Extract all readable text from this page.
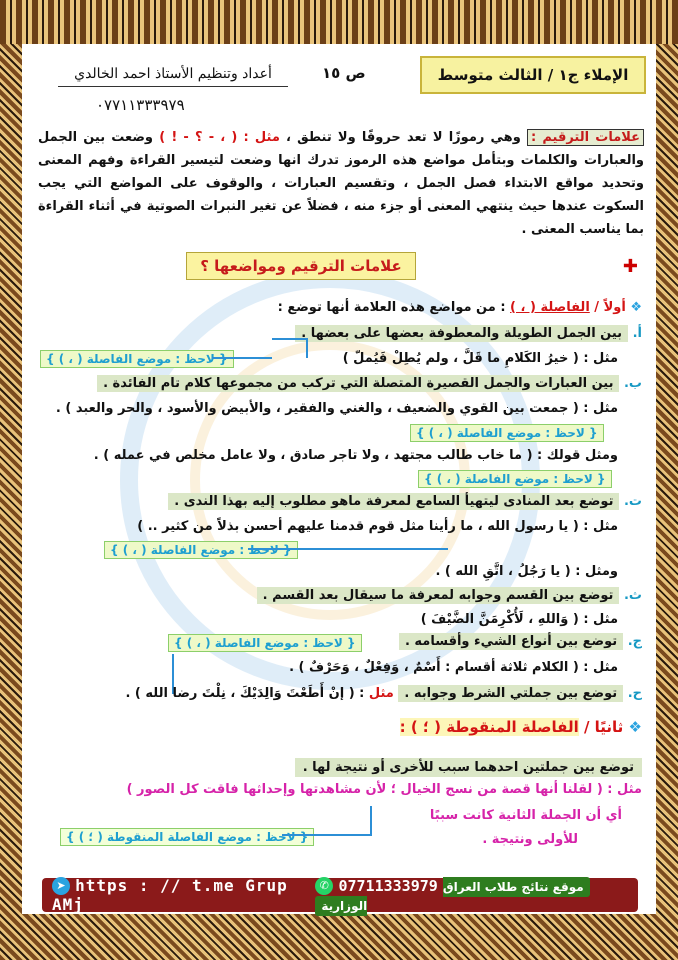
الإملاء ج١ / الثالث متوسط
ص ١٥
أعداد وتنظيم الأستاذ احمد الخالدي
٠٧٧١١٣٣٣٩٧٩
علامات الترقيم : وهي رموزًا لا تعد حروفًا ولا تنطق ، مثل : ( ، - ؟ - ! ) وضعت بين الجمل والعبارات والكلمات وبتأمل مواضع هذه الرموز تدرك انها وضعت لتيسير القراءة وفهم المعنى وتحديد مواقع الابتداء فصل الجمل ، وتقسيم العبارات ، والوقوف على المواضع التي يجب السكوت عندها حيث ينتهي المعنى أو جزء منه ، فضلاً عن تغير النبرات الصوتية في أثناء القراءة بما يناسب المعنى .
✚
علامات الترقيم ومواضعها ؟
❖ أولاً / الفاصلة ( ، ) : من مواضع هذه العلامة أنها توضع :
أ. بين الجمل الطويلة والمعطوفة بعضها على بعضها .
مثل : ( خيرُ الكَلامِ ما قَلَّ ، ولم يُطِلْ فَيُملّ )
{ لاحظ : موضع الفاصلة ( ، ) }
ب. بين العبارات والجمل القصيرة المتصلة التي تركب من مجموعها كلام تام الفائدة .
مثل : ( جمعت بين القوي والضعيف ، والغني والفقير ، والأبيض والأسود ، والحر والعبد ) .
{ لاحظ : موضع الفاصلة ( ، ) }
ومثل قولك : ( ما خاب طالب مجتهد ، ولا تاجر صادق ، ولا عامل مخلص في عمله ) .
{ لاحظ : موضع الفاصلة ( ، ) }
ت. توضع بعد المنادى ليتهيأ السامع لمعرفة ماهو مطلوب إليه بهذا الندى .
مثل : ( يا رسول الله ، ما رأينا مثل قوم قدمنا عليهم أحسن بذلاً من كثير .. )
{ لاحظ : موضع الفاصلة ( ، ) }
ومثل : ( يا رَجُلُ ، اتَّقِ الله ) .
ث. توضع بين القسم وجوابه لمعرفة ما سيقال بعد القسم .
مثل : ( وَاللهِ ، لَأُكْرِمَنَّ الضَّيْفَ )
ج. توضع بين أنواع الشيء وأقسامه .
{ لاحظ : موضع الفاصلة ( ، ) }
مثل : ( الكلام ثلاثة أقسام : أَسْمٌ ، وَفِعْلٌ ، وَحَرْفٌ ) .
ح. توضع بين جملتي الشرط وجوابه . مثل : ( إنْ أَطَعْتَ وَالِدَيْكَ ، نِلْتَ رضا الله ) .
❖ ثانيًا / الفاصلة المنقوطة ( ؛ ) :
توضع بين جملتين احدهما سبب للأخرى أو نتيجة لها .
مثل : ( لقلنا أنها قصة من نسج الخيال ؛ لأن مشاهدتها وإحداثها فاقت كل الصور )
أي أن الجملة الثانية كانت سببًا
للأولى ونتيجة .
{ لاحظ : موضع الفاصلة المنقوطة ( ؛ ) }
➤ https : // t.me Grup AMj
✆ 07711333979 موقع نتائج طلاب العراق الوزارية
